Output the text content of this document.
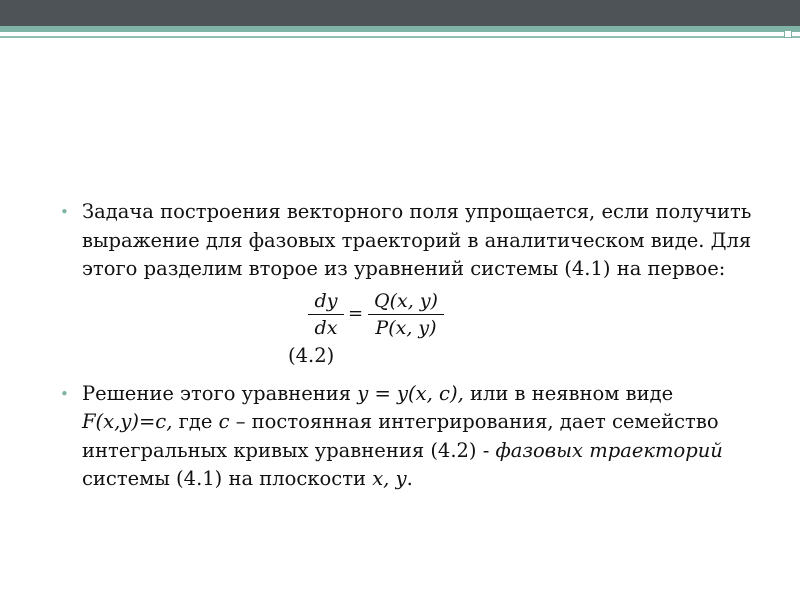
• Задача построения векторного поля упрощается, если получить выражение для фазовых траекторий в аналитическом виде. Для этого разделим второе из уравнений системы (4.1) на первое:
dy
dx
=
Q(x, y)
P(x, y)
(4.2)
• Решение этого уравнения y = y(x, c), или в неявном виде F(x,y)=c, где c – постоянная интегрирования, дает семейство интегральных кривых уравнения (4.2) - фазовых траекторий системы (4.1) на плоскости x, y.
